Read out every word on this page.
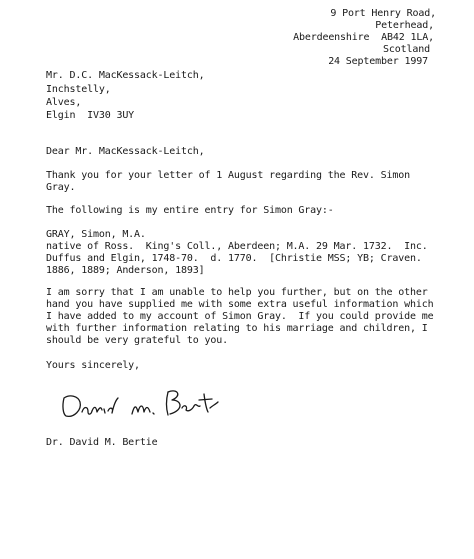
9 Port Henry Road,
Peterhead,
Aberdeenshire  AB42 1LA,
Scotland
24 September 1997
Mr. D.C. MacKessack-Leitch,
Inchstelly,
Alves,
Elgin  IV30 3UY
Dear Mr. MacKessack-Leitch,
Thank you for your letter of 1 August regarding the Rev. Simon
Gray.
The following is my entire entry for Simon Gray:-
GRAY, Simon, M.A.
native of Ross.  King's Coll., Aberdeen; M.A. 29 Mar. 1732.  Inc.
Duffus and Elgin, 1748-70.  d. 1770.  [Christie MSS; YB; Craven.
1886, 1889; Anderson, 1893]
I am sorry that I am unable to help you further, but on the other
hand you have supplied me with some extra useful information which
I have added to my account of Simon Gray.  If you could provide me
with further information relating to his marriage and children, I
should be very grateful to you.
Yours sincerely,
Dr. David M. Bertie
